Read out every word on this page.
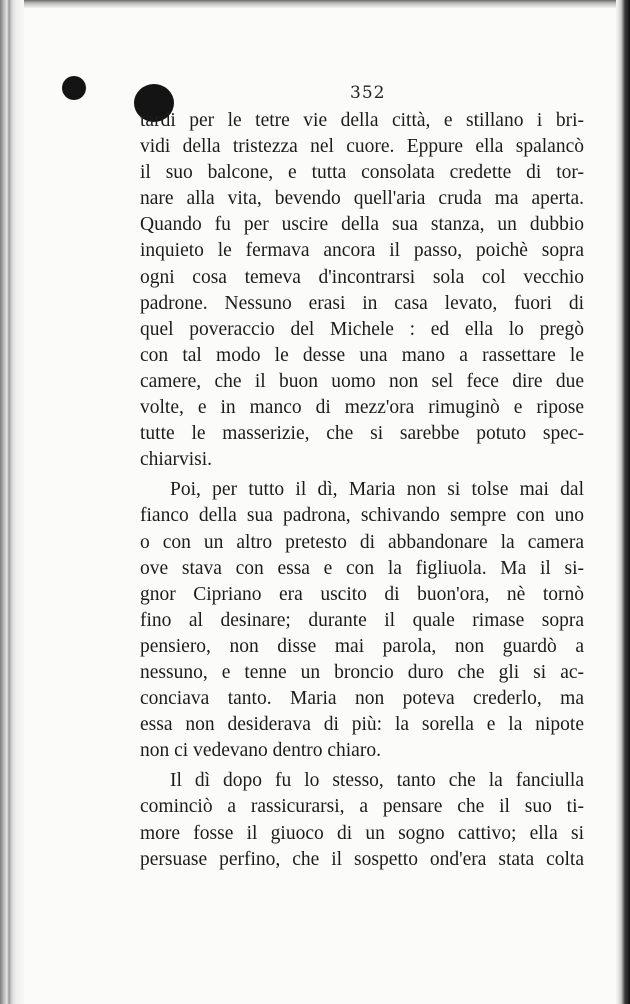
352
tardi per le tetre vie della città, e stillano i bri-
vidi della tristezza nel cuore. Eppure ella spalancò
il suo balcone, e tutta consolata credette di tor-
nare alla vita, bevendo quell'aria cruda ma aperta.
Quando fu per uscire della sua stanza, un dubbio
inquieto le fermava ancora il passo, poichè sopra
ogni cosa temeva d'incontrarsi sola col vecchio
padrone. Nessuno erasi in casa levato, fuori di
quel poveraccio del Michele : ed ella lo pregò
con tal modo le desse una mano a rassettare le
camere, che il buon uomo non sel fece dire due
volte, e in manco di mezz'ora rimuginò e ripose
tutte le masserizie, che si sarebbe potuto spec-
chiarvisi.
Poi, per tutto il dì, Maria non si tolse mai dal
fianco della sua padrona, schivando sempre con uno
o con un altro pretesto di abbandonare la camera
ove stava con essa e con la figliuola. Ma il si-
gnor Cipriano era uscito di buon'ora, nè tornò
fino al desinare; durante il quale rimase sopra
pensiero, non disse mai parola, non guardò a
nessuno, e tenne un broncio duro che gli si ac-
conciava tanto. Maria non poteva crederlo, ma
essa non desiderava di più: la sorella e la nipote
non ci vedevano dentro chiaro.
Il dì dopo fu lo stesso, tanto che la fanciulla
cominciò a rassicurarsi, a pensare che il suo ti-
more fosse il giuoco di un sogno cattivo; ella si
persuase perfino, che il sospetto ond'era stata colta
